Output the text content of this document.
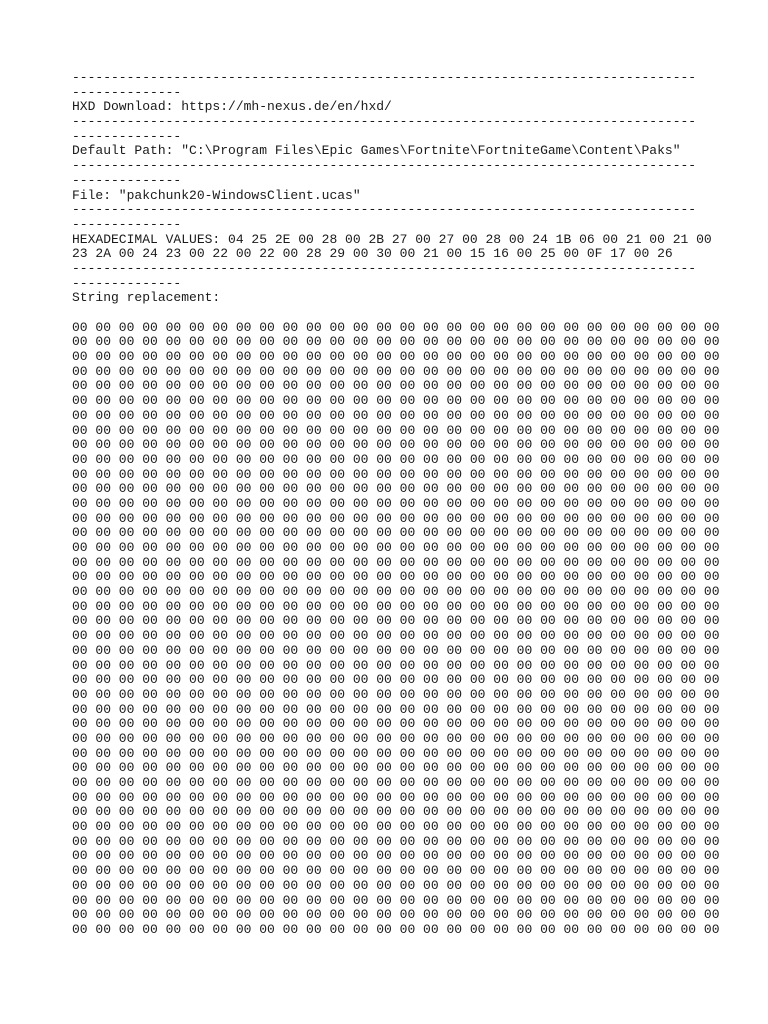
--------------------------------------------------------------------------------
--------------
HXD Download: https://mh-nexus.de/en/hxd/
--------------------------------------------------------------------------------
--------------
Default Path: "C:\Program Files\Epic Games\Fortnite\FortniteGame\Content\Paks"
--------------------------------------------------------------------------------
--------------
File: "pakchunk20-WindowsClient.ucas"
--------------------------------------------------------------------------------
--------------
HEXADECIMAL VALUES: 04 25 2E 00 28 00 2B 27 00 27 00 28 00 24 1B 06 00 21 00 21 00
23 2A 00 24 23 00 22 00 22 00 28 29 00 30 00 21 00 15 16 00 25 00 0F 17 00 26
--------------------------------------------------------------------------------
--------------
String replacement:
00 00 00 00 00 00 00 00 00 00 00 00 00 00 00 00 00 00 00 00 00 00 00 00 00 00 00 00
00 00 00 00 00 00 00 00 00 00 00 00 00 00 00 00 00 00 00 00 00 00 00 00 00 00 00 00
00 00 00 00 00 00 00 00 00 00 00 00 00 00 00 00 00 00 00 00 00 00 00 00 00 00 00 00
00 00 00 00 00 00 00 00 00 00 00 00 00 00 00 00 00 00 00 00 00 00 00 00 00 00 00 00
00 00 00 00 00 00 00 00 00 00 00 00 00 00 00 00 00 00 00 00 00 00 00 00 00 00 00 00
00 00 00 00 00 00 00 00 00 00 00 00 00 00 00 00 00 00 00 00 00 00 00 00 00 00 00 00
00 00 00 00 00 00 00 00 00 00 00 00 00 00 00 00 00 00 00 00 00 00 00 00 00 00 00 00
00 00 00 00 00 00 00 00 00 00 00 00 00 00 00 00 00 00 00 00 00 00 00 00 00 00 00 00
00 00 00 00 00 00 00 00 00 00 00 00 00 00 00 00 00 00 00 00 00 00 00 00 00 00 00 00
00 00 00 00 00 00 00 00 00 00 00 00 00 00 00 00 00 00 00 00 00 00 00 00 00 00 00 00
00 00 00 00 00 00 00 00 00 00 00 00 00 00 00 00 00 00 00 00 00 00 00 00 00 00 00 00
00 00 00 00 00 00 00 00 00 00 00 00 00 00 00 00 00 00 00 00 00 00 00 00 00 00 00 00
00 00 00 00 00 00 00 00 00 00 00 00 00 00 00 00 00 00 00 00 00 00 00 00 00 00 00 00
00 00 00 00 00 00 00 00 00 00 00 00 00 00 00 00 00 00 00 00 00 00 00 00 00 00 00 00
00 00 00 00 00 00 00 00 00 00 00 00 00 00 00 00 00 00 00 00 00 00 00 00 00 00 00 00
00 00 00 00 00 00 00 00 00 00 00 00 00 00 00 00 00 00 00 00 00 00 00 00 00 00 00 00
00 00 00 00 00 00 00 00 00 00 00 00 00 00 00 00 00 00 00 00 00 00 00 00 00 00 00 00
00 00 00 00 00 00 00 00 00 00 00 00 00 00 00 00 00 00 00 00 00 00 00 00 00 00 00 00
00 00 00 00 00 00 00 00 00 00 00 00 00 00 00 00 00 00 00 00 00 00 00 00 00 00 00 00
00 00 00 00 00 00 00 00 00 00 00 00 00 00 00 00 00 00 00 00 00 00 00 00 00 00 00 00
00 00 00 00 00 00 00 00 00 00 00 00 00 00 00 00 00 00 00 00 00 00 00 00 00 00 00 00
00 00 00 00 00 00 00 00 00 00 00 00 00 00 00 00 00 00 00 00 00 00 00 00 00 00 00 00
00 00 00 00 00 00 00 00 00 00 00 00 00 00 00 00 00 00 00 00 00 00 00 00 00 00 00 00
00 00 00 00 00 00 00 00 00 00 00 00 00 00 00 00 00 00 00 00 00 00 00 00 00 00 00 00
00 00 00 00 00 00 00 00 00 00 00 00 00 00 00 00 00 00 00 00 00 00 00 00 00 00 00 00
00 00 00 00 00 00 00 00 00 00 00 00 00 00 00 00 00 00 00 00 00 00 00 00 00 00 00 00
00 00 00 00 00 00 00 00 00 00 00 00 00 00 00 00 00 00 00 00 00 00 00 00 00 00 00 00
00 00 00 00 00 00 00 00 00 00 00 00 00 00 00 00 00 00 00 00 00 00 00 00 00 00 00 00
00 00 00 00 00 00 00 00 00 00 00 00 00 00 00 00 00 00 00 00 00 00 00 00 00 00 00 00
00 00 00 00 00 00 00 00 00 00 00 00 00 00 00 00 00 00 00 00 00 00 00 00 00 00 00 00
00 00 00 00 00 00 00 00 00 00 00 00 00 00 00 00 00 00 00 00 00 00 00 00 00 00 00 00
00 00 00 00 00 00 00 00 00 00 00 00 00 00 00 00 00 00 00 00 00 00 00 00 00 00 00 00
00 00 00 00 00 00 00 00 00 00 00 00 00 00 00 00 00 00 00 00 00 00 00 00 00 00 00 00
00 00 00 00 00 00 00 00 00 00 00 00 00 00 00 00 00 00 00 00 00 00 00 00 00 00 00 00
00 00 00 00 00 00 00 00 00 00 00 00 00 00 00 00 00 00 00 00 00 00 00 00 00 00 00 00
00 00 00 00 00 00 00 00 00 00 00 00 00 00 00 00 00 00 00 00 00 00 00 00 00 00 00 00
00 00 00 00 00 00 00 00 00 00 00 00 00 00 00 00 00 00 00 00 00 00 00 00 00 00 00 00
00 00 00 00 00 00 00 00 00 00 00 00 00 00 00 00 00 00 00 00 00 00 00 00 00 00 00 00
00 00 00 00 00 00 00 00 00 00 00 00 00 00 00 00 00 00 00 00 00 00 00 00 00 00 00 00
00 00 00 00 00 00 00 00 00 00 00 00 00 00 00 00 00 00 00 00 00 00 00 00 00 00 00 00
00 00 00 00 00 00 00 00 00 00 00 00 00 00 00 00 00 00 00 00 00 00 00 00 00 00 00 00
00 00 00 00 00 00 00 00 00 00 00 00 00 00 00 00 00 00 00 00 00 00 00 00 00 00 00 00
